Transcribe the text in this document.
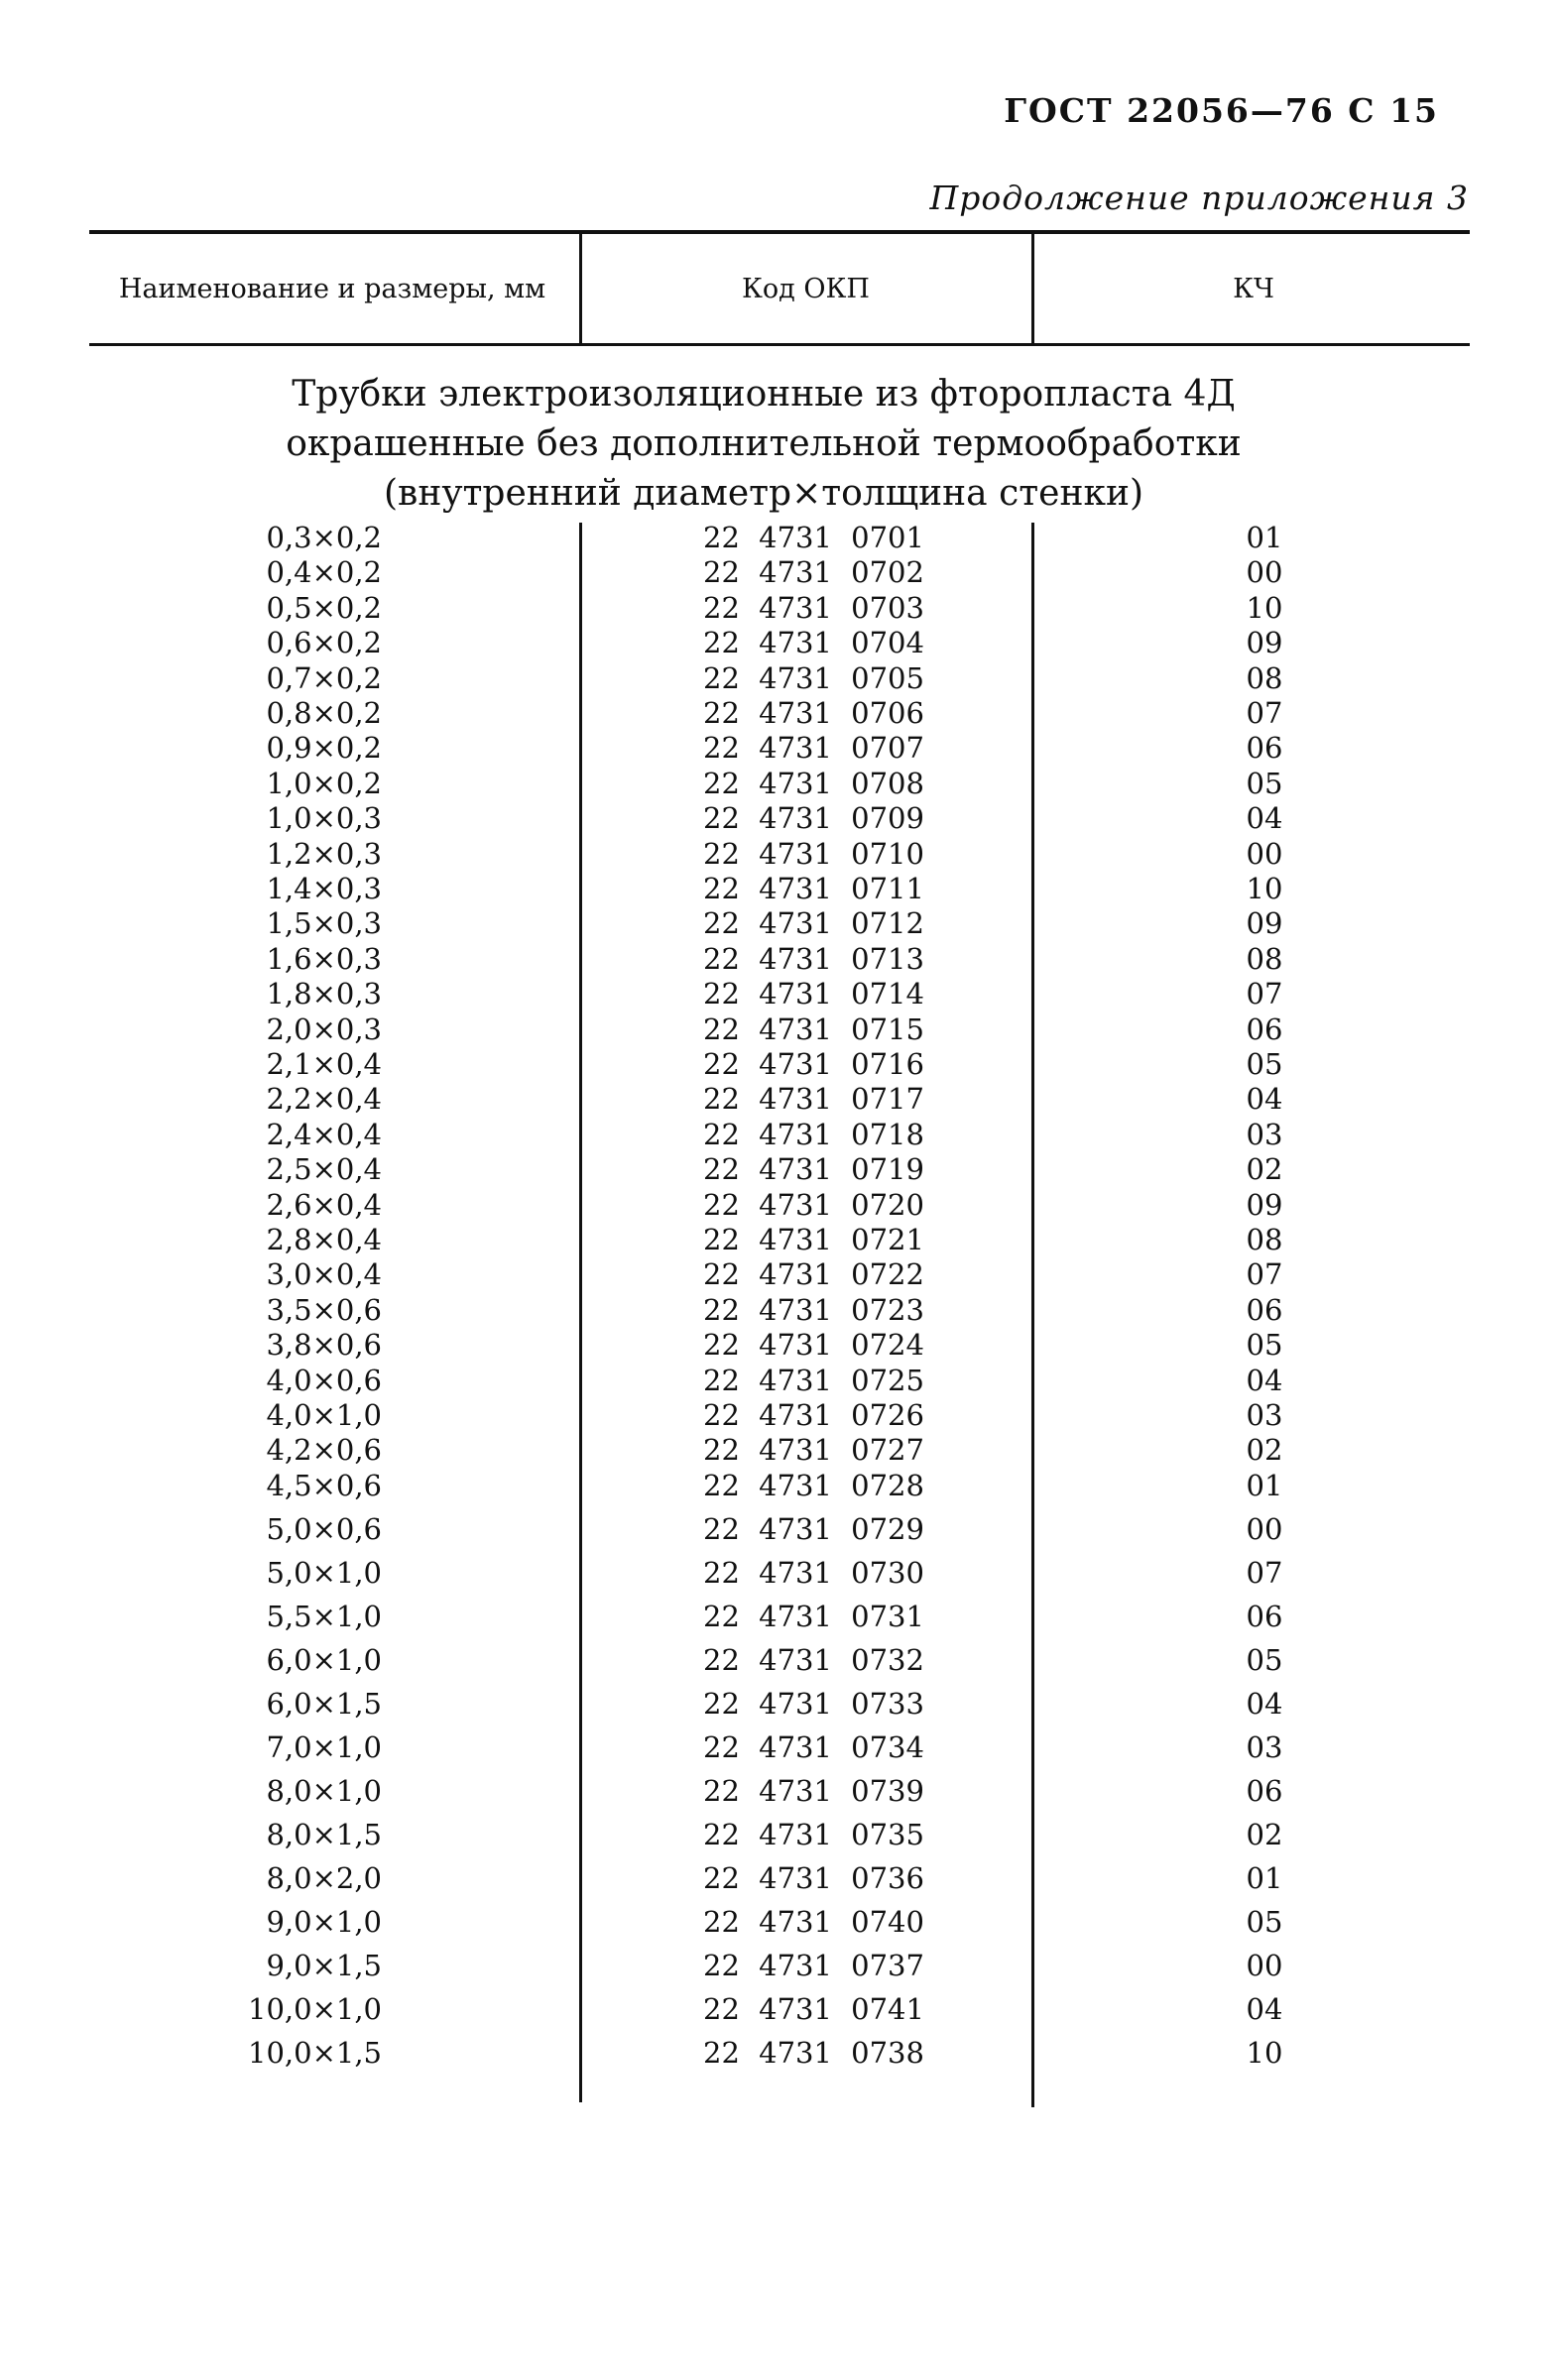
ГОСТ 22056—76 С 15
Продолжение приложения 3
Наименование и размеры, мм	Код ОКП	КЧ
Трубки электроизоляционные из фторопласта 4Д
окрашенные без дополнительной термообработки
(внутренний диаметр×толщина стенки)
0,3×0,2	22 4731 0701	01
0,4×0,2	22 4731 0702	00
0,5×0,2	22 4731 0703	10
0,6×0,2	22 4731 0704	09
0,7×0,2	22 4731 0705	08
0,8×0,2	22 4731 0706	07
0,9×0,2	22 4731 0707	06
1,0×0,2	22 4731 0708	05
1,0×0,3	22 4731 0709	04
1,2×0,3	22 4731 0710	00
1,4×0,3	22 4731 0711	10
1,5×0,3	22 4731 0712	09
1,6×0,3	22 4731 0713	08
1,8×0,3	22 4731 0714	07
2,0×0,3	22 4731 0715	06
2,1×0,4	22 4731 0716	05
2,2×0,4	22 4731 0717	04
2,4×0,4	22 4731 0718	03
2,5×0,4	22 4731 0719	02
2,6×0,4	22 4731 0720	09
2,8×0,4	22 4731 0721	08
3,0×0,4	22 4731 0722	07
3,5×0,6	22 4731 0723	06
3,8×0,6	22 4731 0724	05
4,0×0,6	22 4731 0725	04
4,0×1,0	22 4731 0726	03
4,2×0,6	22 4731 0727	02
4,5×0,6	22 4731 0728	01
5,0×0,6	22 4731 0729	00
5,0×1,0	22 4731 0730	07
5,5×1,0	22 4731 0731	06
6,0×1,0	22 4731 0732	05
6,0×1,5	22 4731 0733	04
7,0×1,0	22 4731 0734	03
8,0×1,0	22 4731 0739	06
8,0×1,5	22 4731 0735	02
8,0×2,0	22 4731 0736	01
9,0×1,0	22 4731 0740	05
9,0×1,5	22 4731 0737	00
10,0×1,0	22 4731 0741	04
10,0×1,5	22 4731 0738	10
